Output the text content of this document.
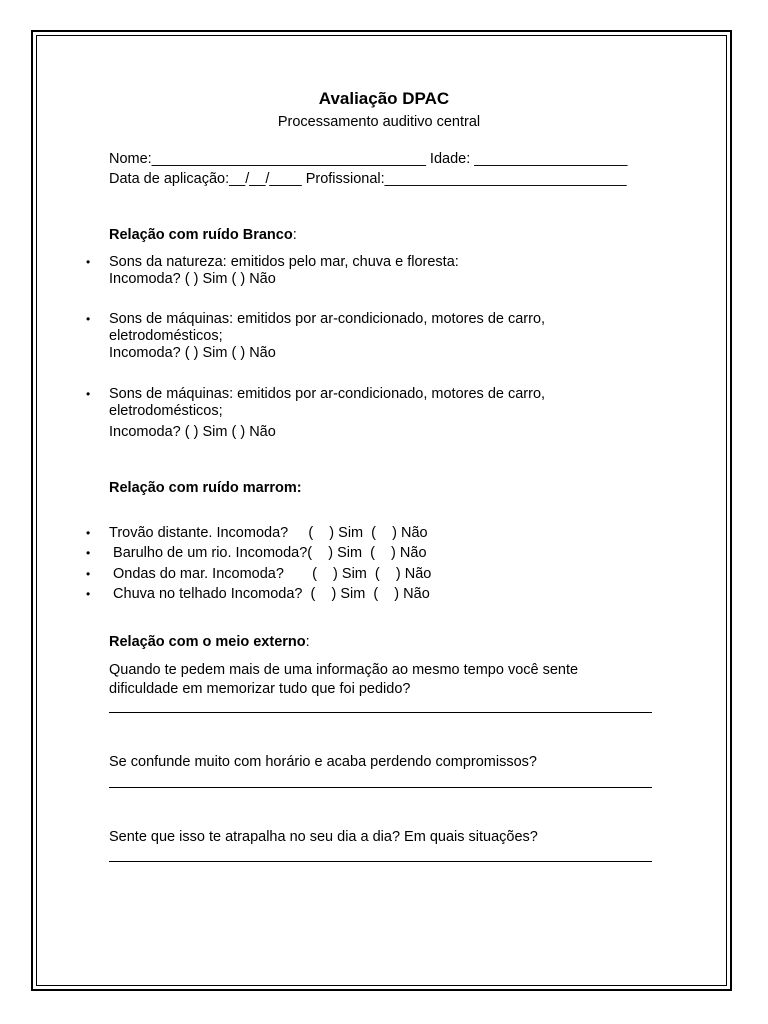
Avaliação DPAC
Processamento auditivo central
Nome:__________________________________ Idade: ___________________
Data de aplicação:__/__/____ Profissional:______________________________
Relação com ruído Branco:
• Sons da natureza: emitidos pelo mar, chuva e floresta:
Incomoda? ( ) Sim ( ) Não
• Sons de máquinas: emitidos por ar-condicionado, motores de carro,
eletrodomésticos;
Incomoda? ( ) Sim ( ) Não
• Sons de máquinas: emitidos por ar-condicionado, motores de carro,
eletrodomésticos;
Incomoda? ( ) Sim ( ) Não
Relação com ruído marrom:
• Trovão distante. Incomoda?     (    ) Sim  (    ) Não
• Barulho de um rio. Incomoda?(    ) Sim  (    ) Não
• Ondas do mar. Incomoda?       (    ) Sim  (    ) Não
• Chuva no telhado Incomoda?  (    ) Sim  (    ) Não
Relação com o meio externo:
Quando te pedem mais de uma informação ao mesmo tempo você sente
dificuldade em memorizar tudo que foi pedido?
Se confunde muito com horário e acaba perdendo compromissos?
Sente que isso te atrapalha no seu dia a dia? Em quais situações?
